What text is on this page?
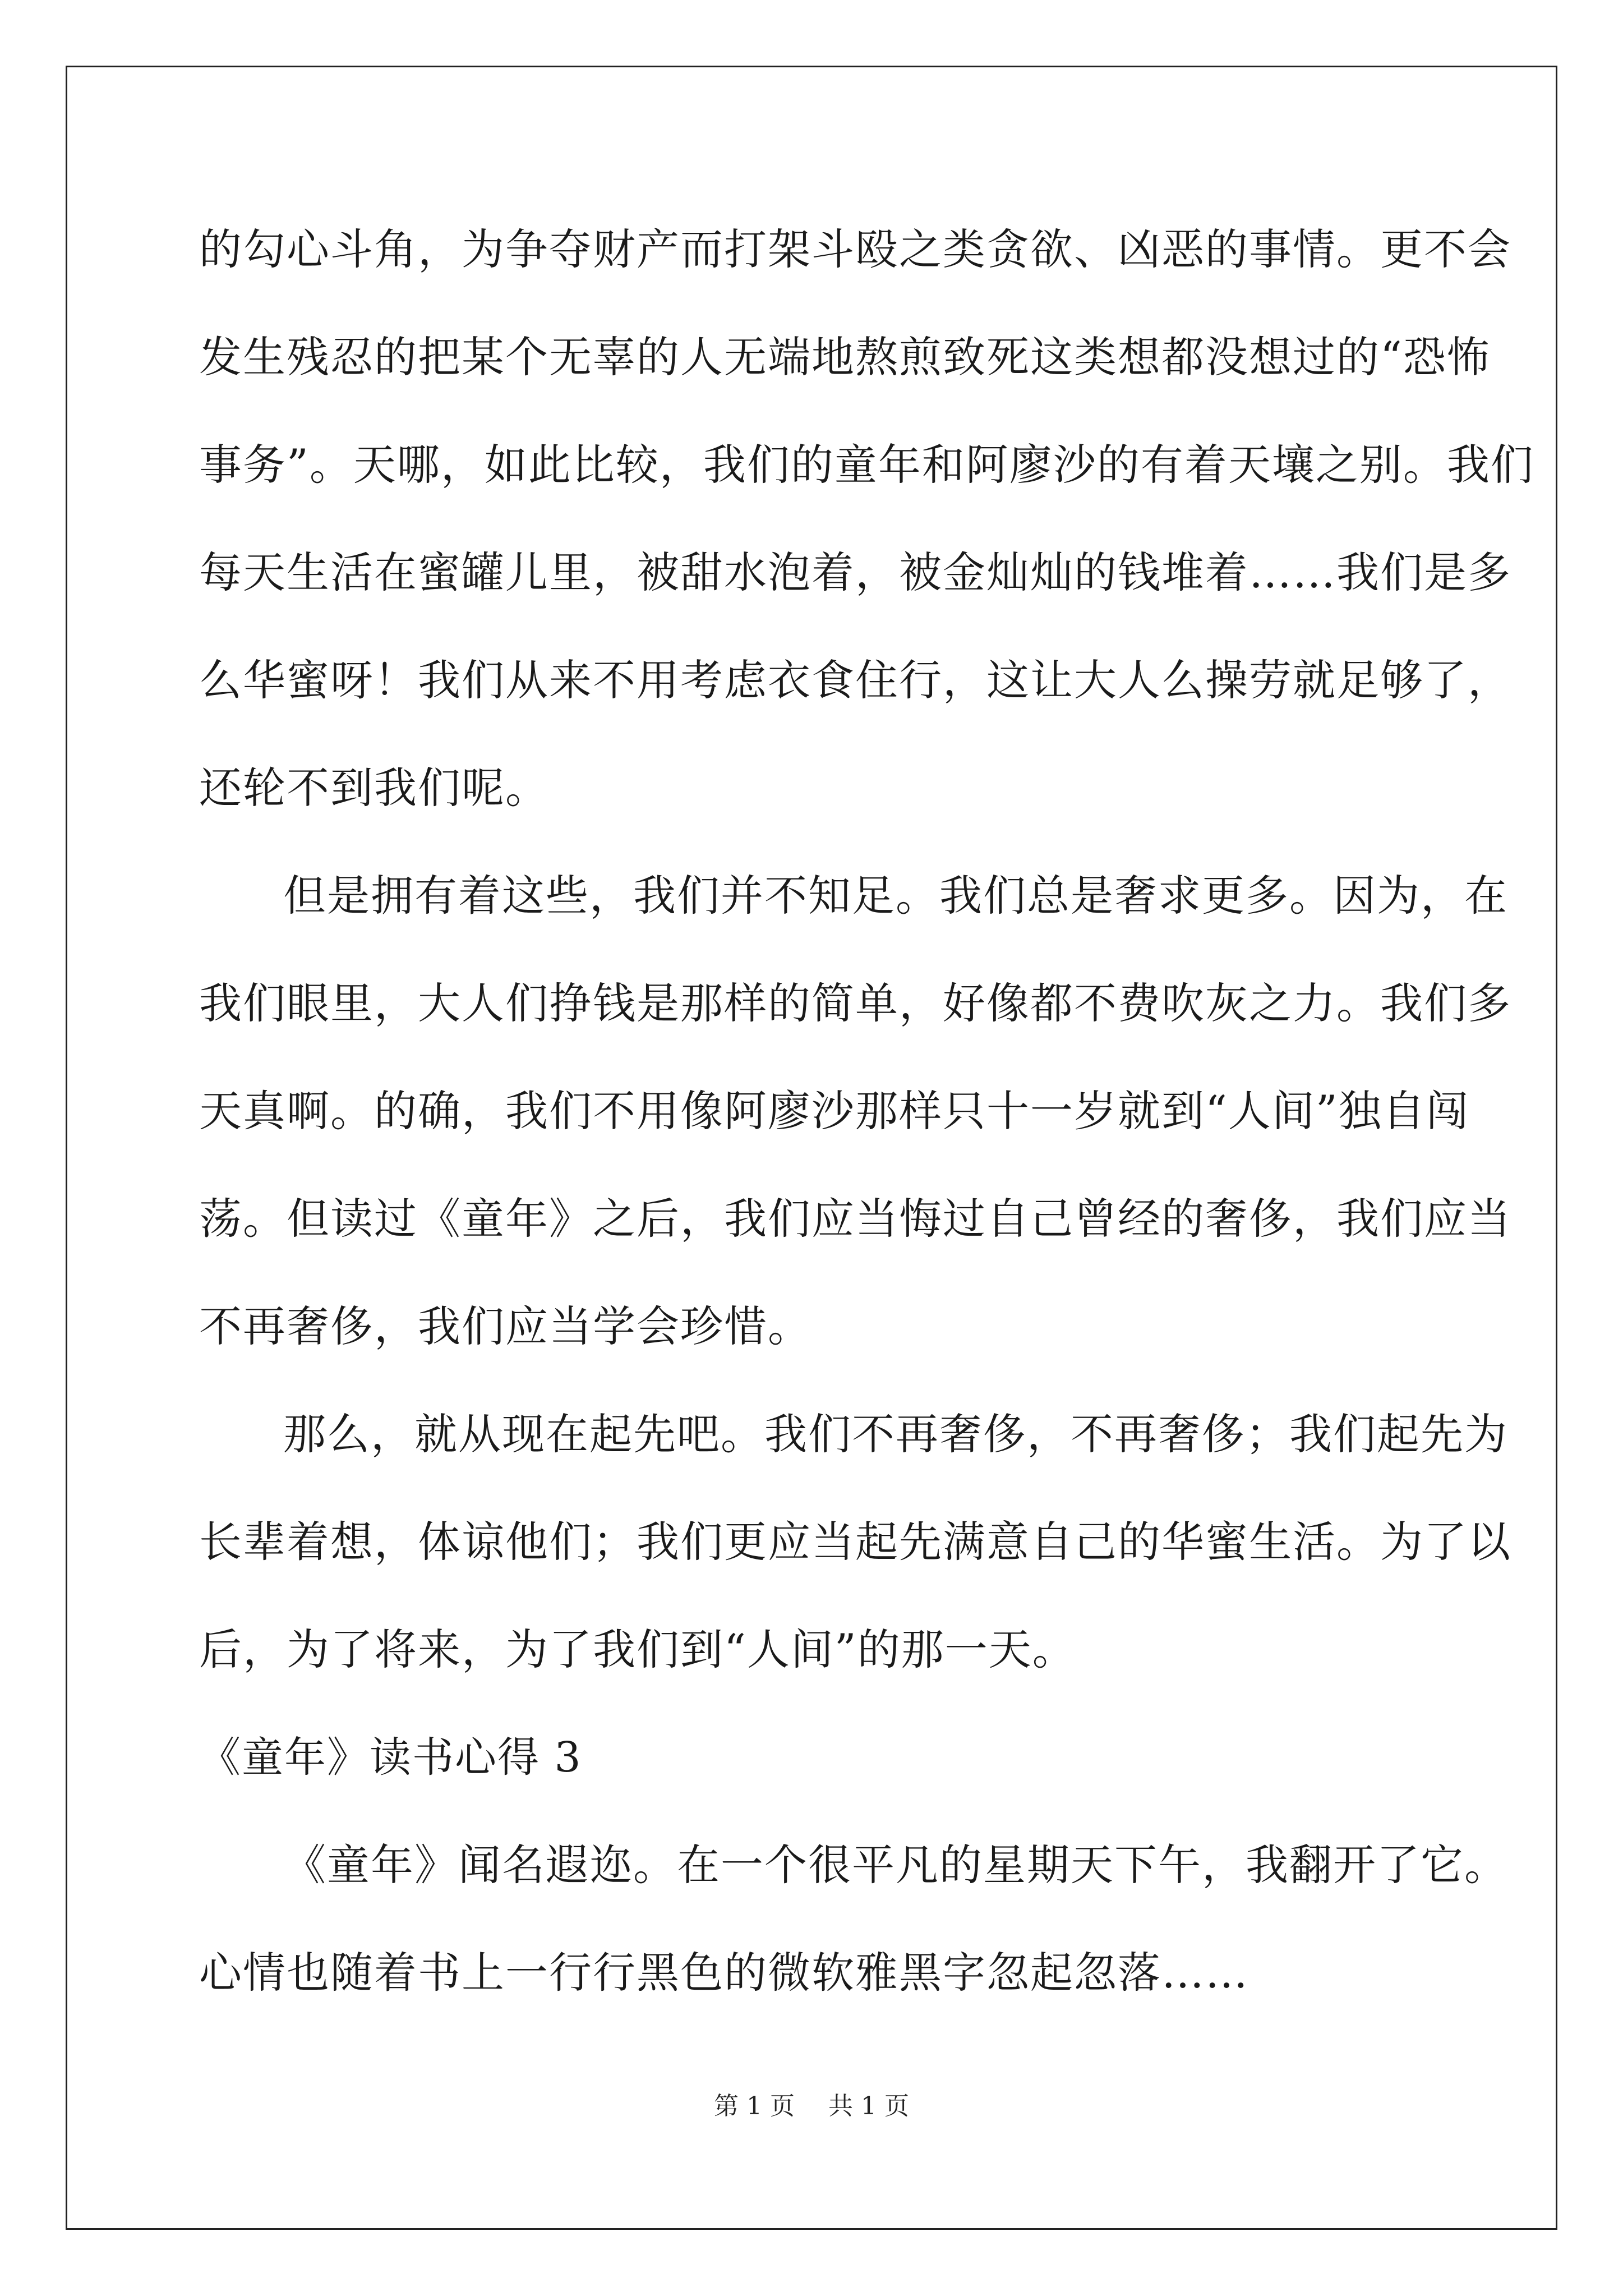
的勾心斗角，为争夺财产而打架斗殴之类贪欲、凶恶的事情。更不会
发生残忍的把某个无辜的人无端地熬煎致死这类想都没想过的“恐怖
事务”。天哪，如此比较，我们的童年和阿廖沙的有着天壤之别。我们
每天生活在蜜罐儿里，被甜水泡着，被金灿灿的钱堆着……我们是多
么华蜜呀！我们从来不用考虑衣食住行，这让大人么操劳就足够了，
还轮不到我们呢。
但是拥有着这些，我们并不知足。我们总是奢求更多。因为，在
我们眼里，大人们挣钱是那样的简单，好像都不费吹灰之力。我们多
天真啊。的确，我们不用像阿廖沙那样只十一岁就到“人间”独自闯
荡。但读过《童年》之后，我们应当悔过自己曾经的奢侈，我们应当
不再奢侈，我们应当学会珍惜。
那么，就从现在起先吧。我们不再奢侈，不再奢侈；我们起先为
长辈着想，体谅他们；我们更应当起先满意自己的华蜜生活。为了以
后，为了将来，为了我们到“人间”的那一天。
《童年》读书心得 3
《童年》闻名遐迩。在一个很平凡的星期天下午，我翻开了它。
心情也随着书上一行行黑色的微软雅黑字忽起忽落……
第 1 页 共 1 页
